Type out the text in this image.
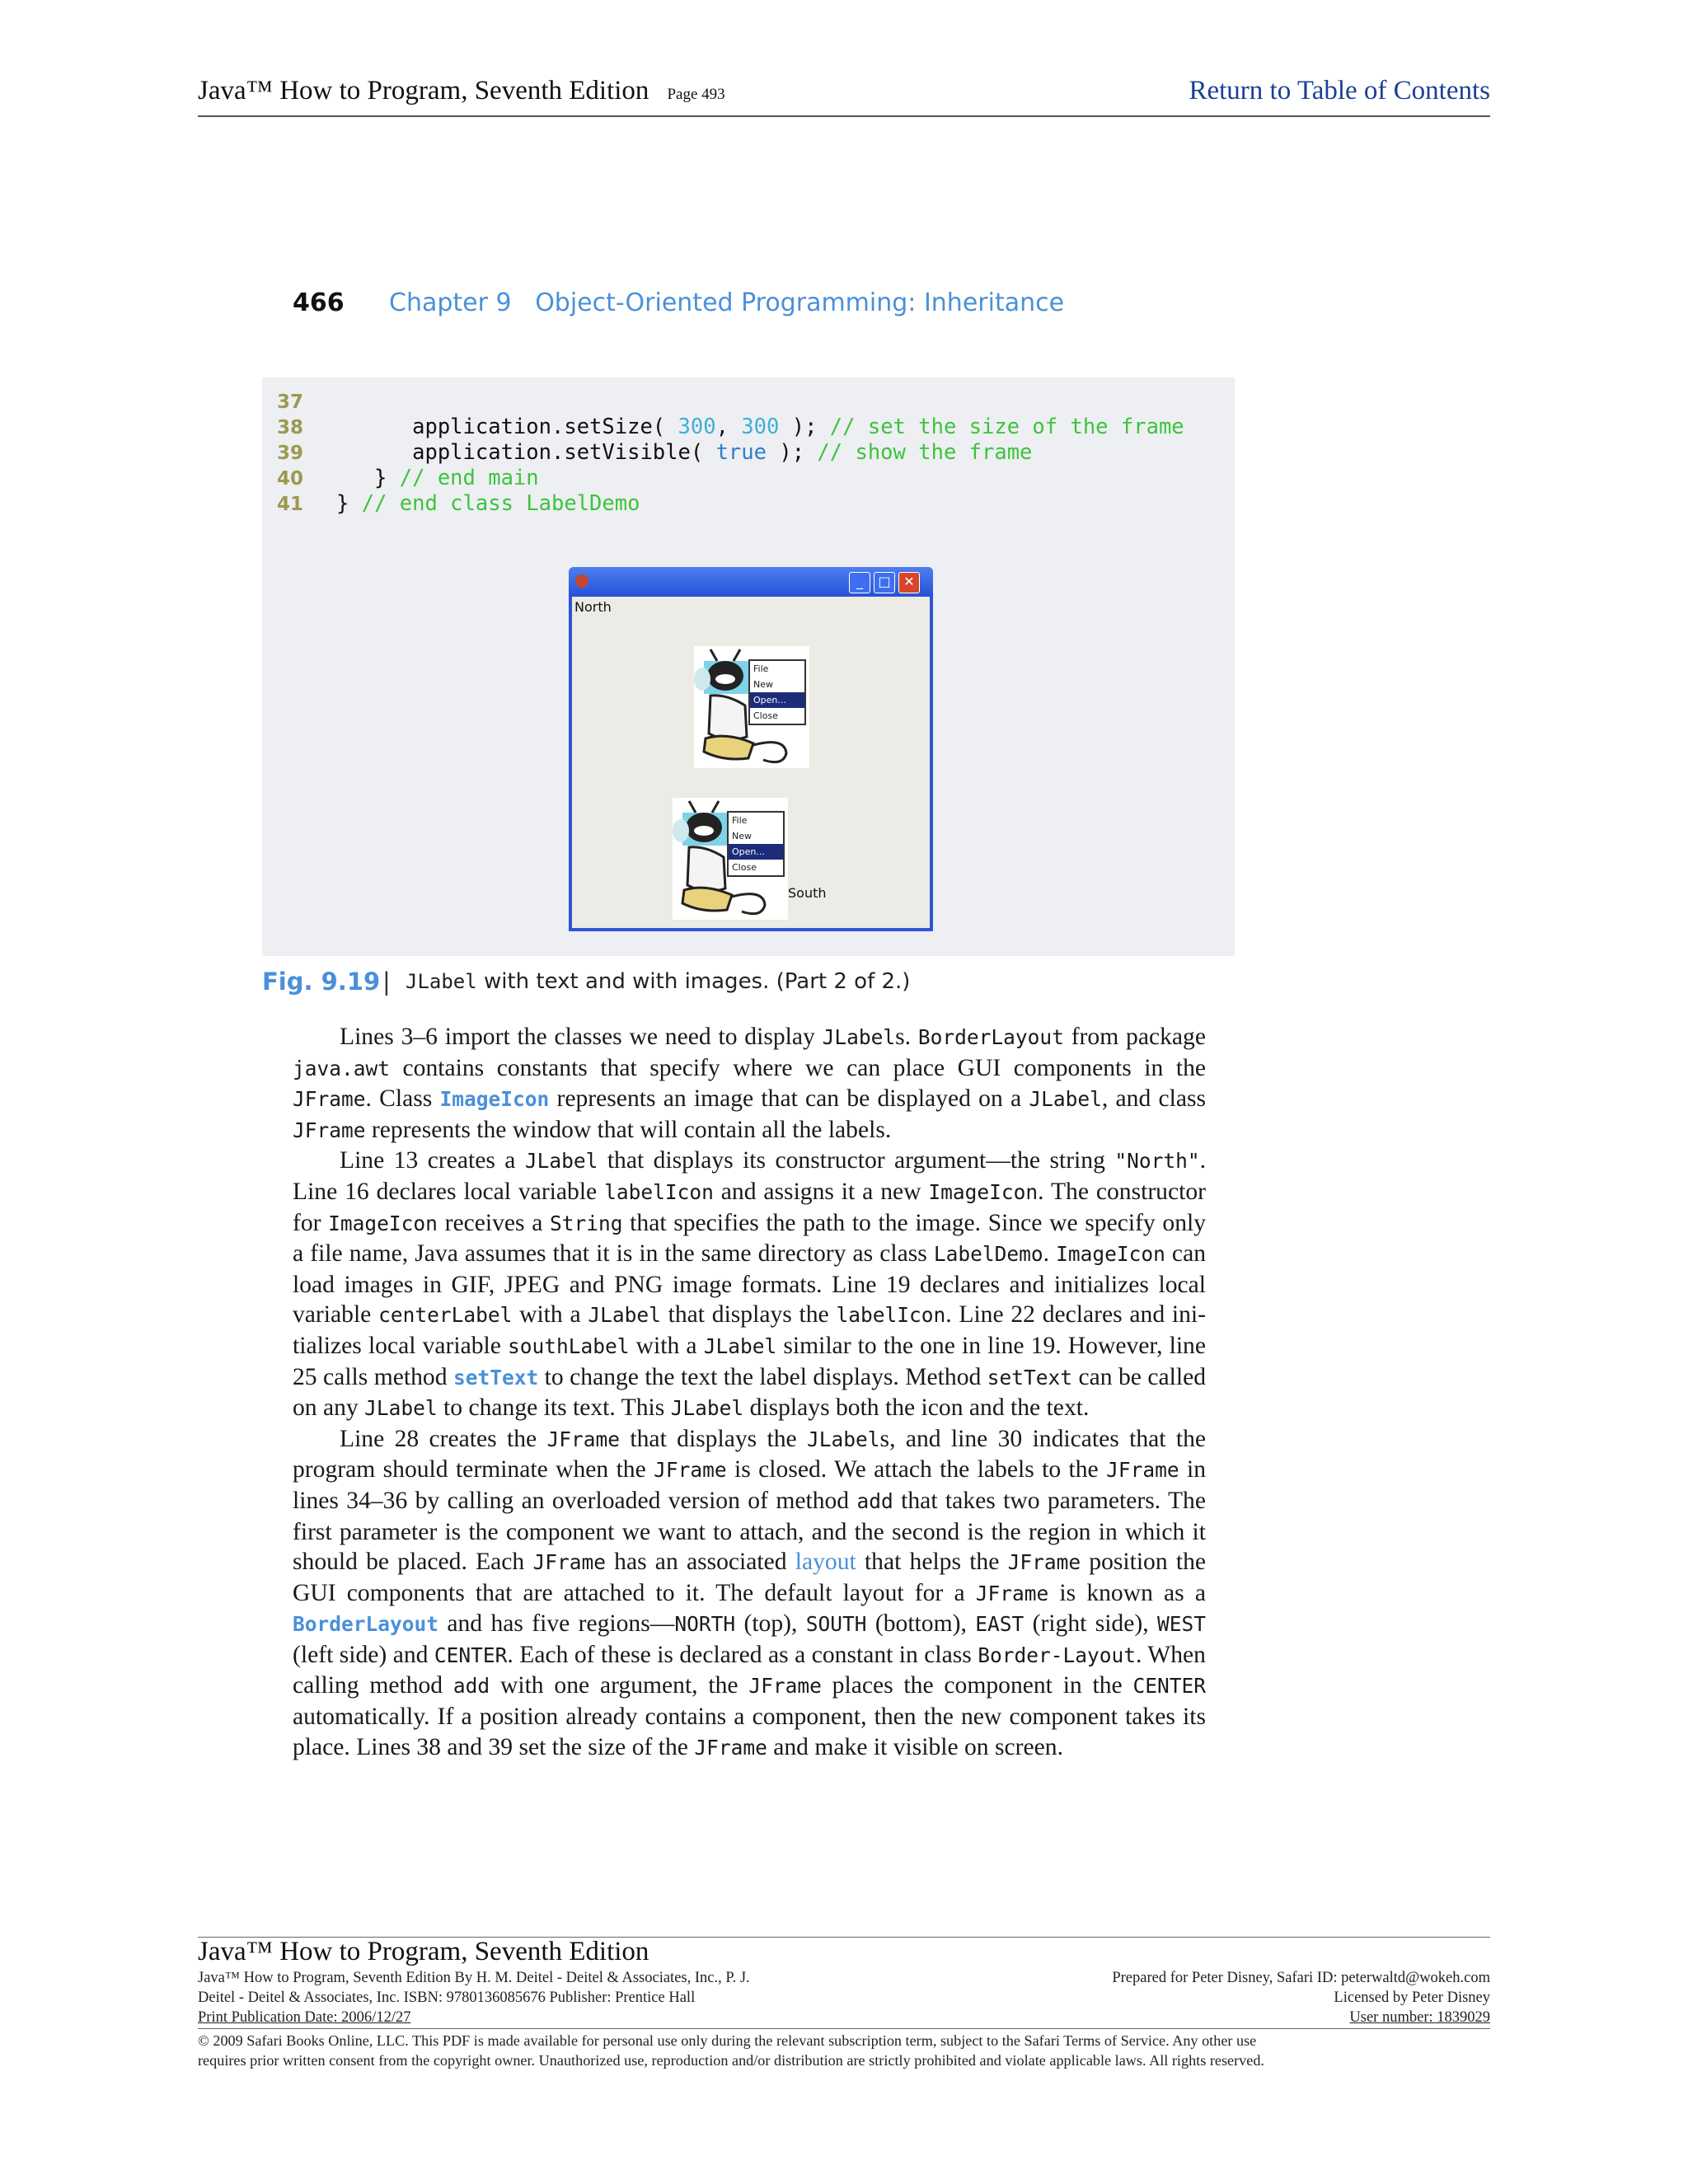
Java™ How to Program, Seventh Edition Page 493	Return to Table of Contents
466 Chapter 9 Object-Oriented Programming: Inheritance
37
38      application.setSize( 300, 300 ); // set the size of the frame
39      application.setVisible( true ); // show the frame
40   } // end main
41 } // end class LabelDemo
_	□ ✕
North
File
New
Open...
Close
File
New
Open...
Close
South
Fig. 9.19 | JLabel with text and with images. (Part 2 of 2.)

Lines 3–6 import the classes we need to display JLabels. BorderLayout from package java.awt contains constants that specify where we can place GUI components in the JFrame. Class ImageIcon represents an image that can be displayed on a JLabel, and class JFrame represents the window that will contain all the labels.

Line 13 creates a JLabel that displays its constructor argument—the string "North". Line 16 declares local variable labelIcon and assigns it a new ImageIcon. The constructor for ImageIcon receives a String that specifies the path to the image. Since we specify only a file name, Java assumes that it is in the same directory as class LabelDemo. ImageIcon can load images in GIF, JPEG and PNG image formats. Line 19 declares and initializes local variable centerLabel with a JLabel that displays the labelIcon. Line 22 declares and ini-tializes local variable southLabel with a JLabel similar to the one in line 19. However, line 25 calls method setText to change the text the label displays. Method setText can be called on any JLabel to change its text. This JLabel displays both the icon and the text.

Line 28 creates the JFrame that displays the JLabels, and line 30 indicates that the program should terminate when the JFrame is closed. We attach the labels to the JFrame in lines 34–36 by calling an overloaded version of method add that takes two parameters. The first parameter is the component we want to attach, and the second is the region in which it should be placed. Each JFrame has an associated layout that helps the JFrame position the GUI components that are attached to it. The default layout for a JFrame is known as a BorderLayout and has five regions—NORTH (top), SOUTH (bottom), EAST (right side), WEST (left side) and CENTER. Each of these is declared as a constant in class Border-Layout. When calling method add with one argument, the JFrame places the component in the CENTER automatically. If a position already contains a component, then the new component takes its place. Lines 38 and 39 set the size of the JFrame and make it visible on screen.

Java™ How to Program, Seventh Edition
Java™ How to Program, Seventh Edition By H. M. Deitel - Deitel & Associates, Inc., P. J.
Deitel - Deitel & Associates, Inc. ISBN: 9780136085676 Publisher: Prentice Hall
Print Publication Date: 2006/12/27
Prepared for Peter Disney, Safari ID: peterwaltd@wokeh.com
Licensed by Peter Disney
User number: 1839029
© 2009 Safari Books Online, LLC. This PDF is made available for personal use only during the relevant subscription term, subject to the Safari Terms of Service. Any other use
requires prior written consent from the copyright owner. Unauthorized use, reproduction and/or distribution are strictly prohibited and violate applicable laws. All rights reserved.
